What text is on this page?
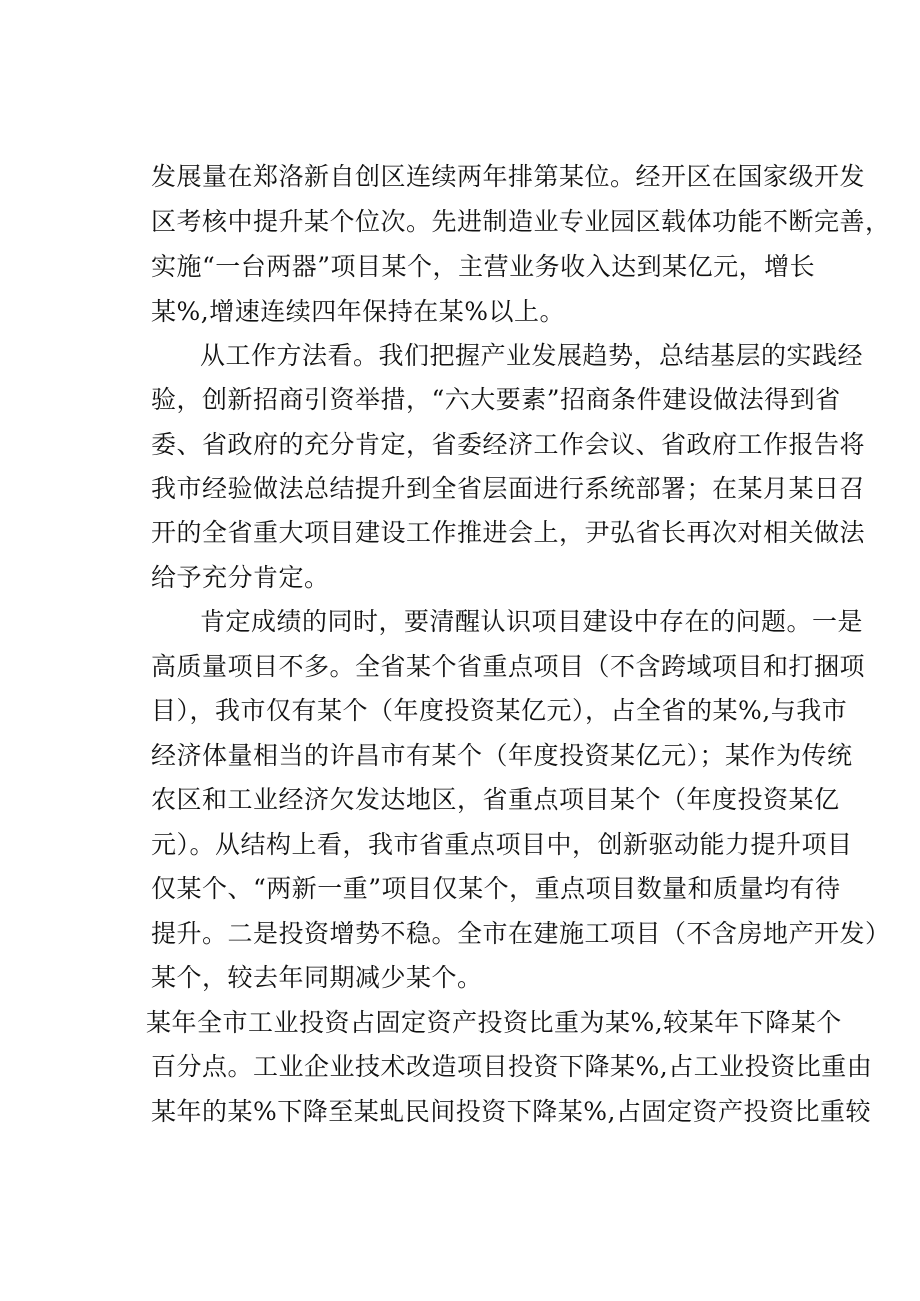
发展量在郑洛新自创区连续两年排第某位。经开区在国家级开发
区考核中提升某个位次。先进制造业专业园区载体功能不断完善，
实施“一台两器”项目某个，主营业务收入达到某亿元，增长
某%,增速连续四年保持在某%以上。
从工作方法看。我们把握产业发展趋势，总结基层的实践经
验，创新招商引资举措，“六大要素”招商条件建设做法得到省
委、省政府的充分肯定，省委经济工作会议、省政府工作报告将
我市经验做法总结提升到全省层面进行系统部署；在某月某日召
开的全省重大项目建设工作推进会上，尹弘省长再次对相关做法
给予充分肯定。
肯定成绩的同时，要清醒认识项目建设中存在的问题。一是
高质量项目不多。全省某个省重点项目（不含跨域项目和打捆项
目），我市仅有某个（年度投资某亿元），占全省的某%,与我市
经济体量相当的许昌市有某个（年度投资某亿元）；某作为传统
农区和工业经济欠发达地区，省重点项目某个（年度投资某亿
元）。从结构上看，我市省重点项目中，创新驱动能力提升项目
仅某个、“两新一重”项目仅某个，重点项目数量和质量均有待
提升。二是投资增势不稳。全市在建施工项目（不含房地产开发）
某个，较去年同期减少某个。
某年全市工业投资占固定资产投资比重为某%,较某年下降某个
百分点。工业企业技术改造项目投资下降某%,占工业投资比重由
某年的某%下降至某虬民间投资下降某%,占固定资产投资比重较
